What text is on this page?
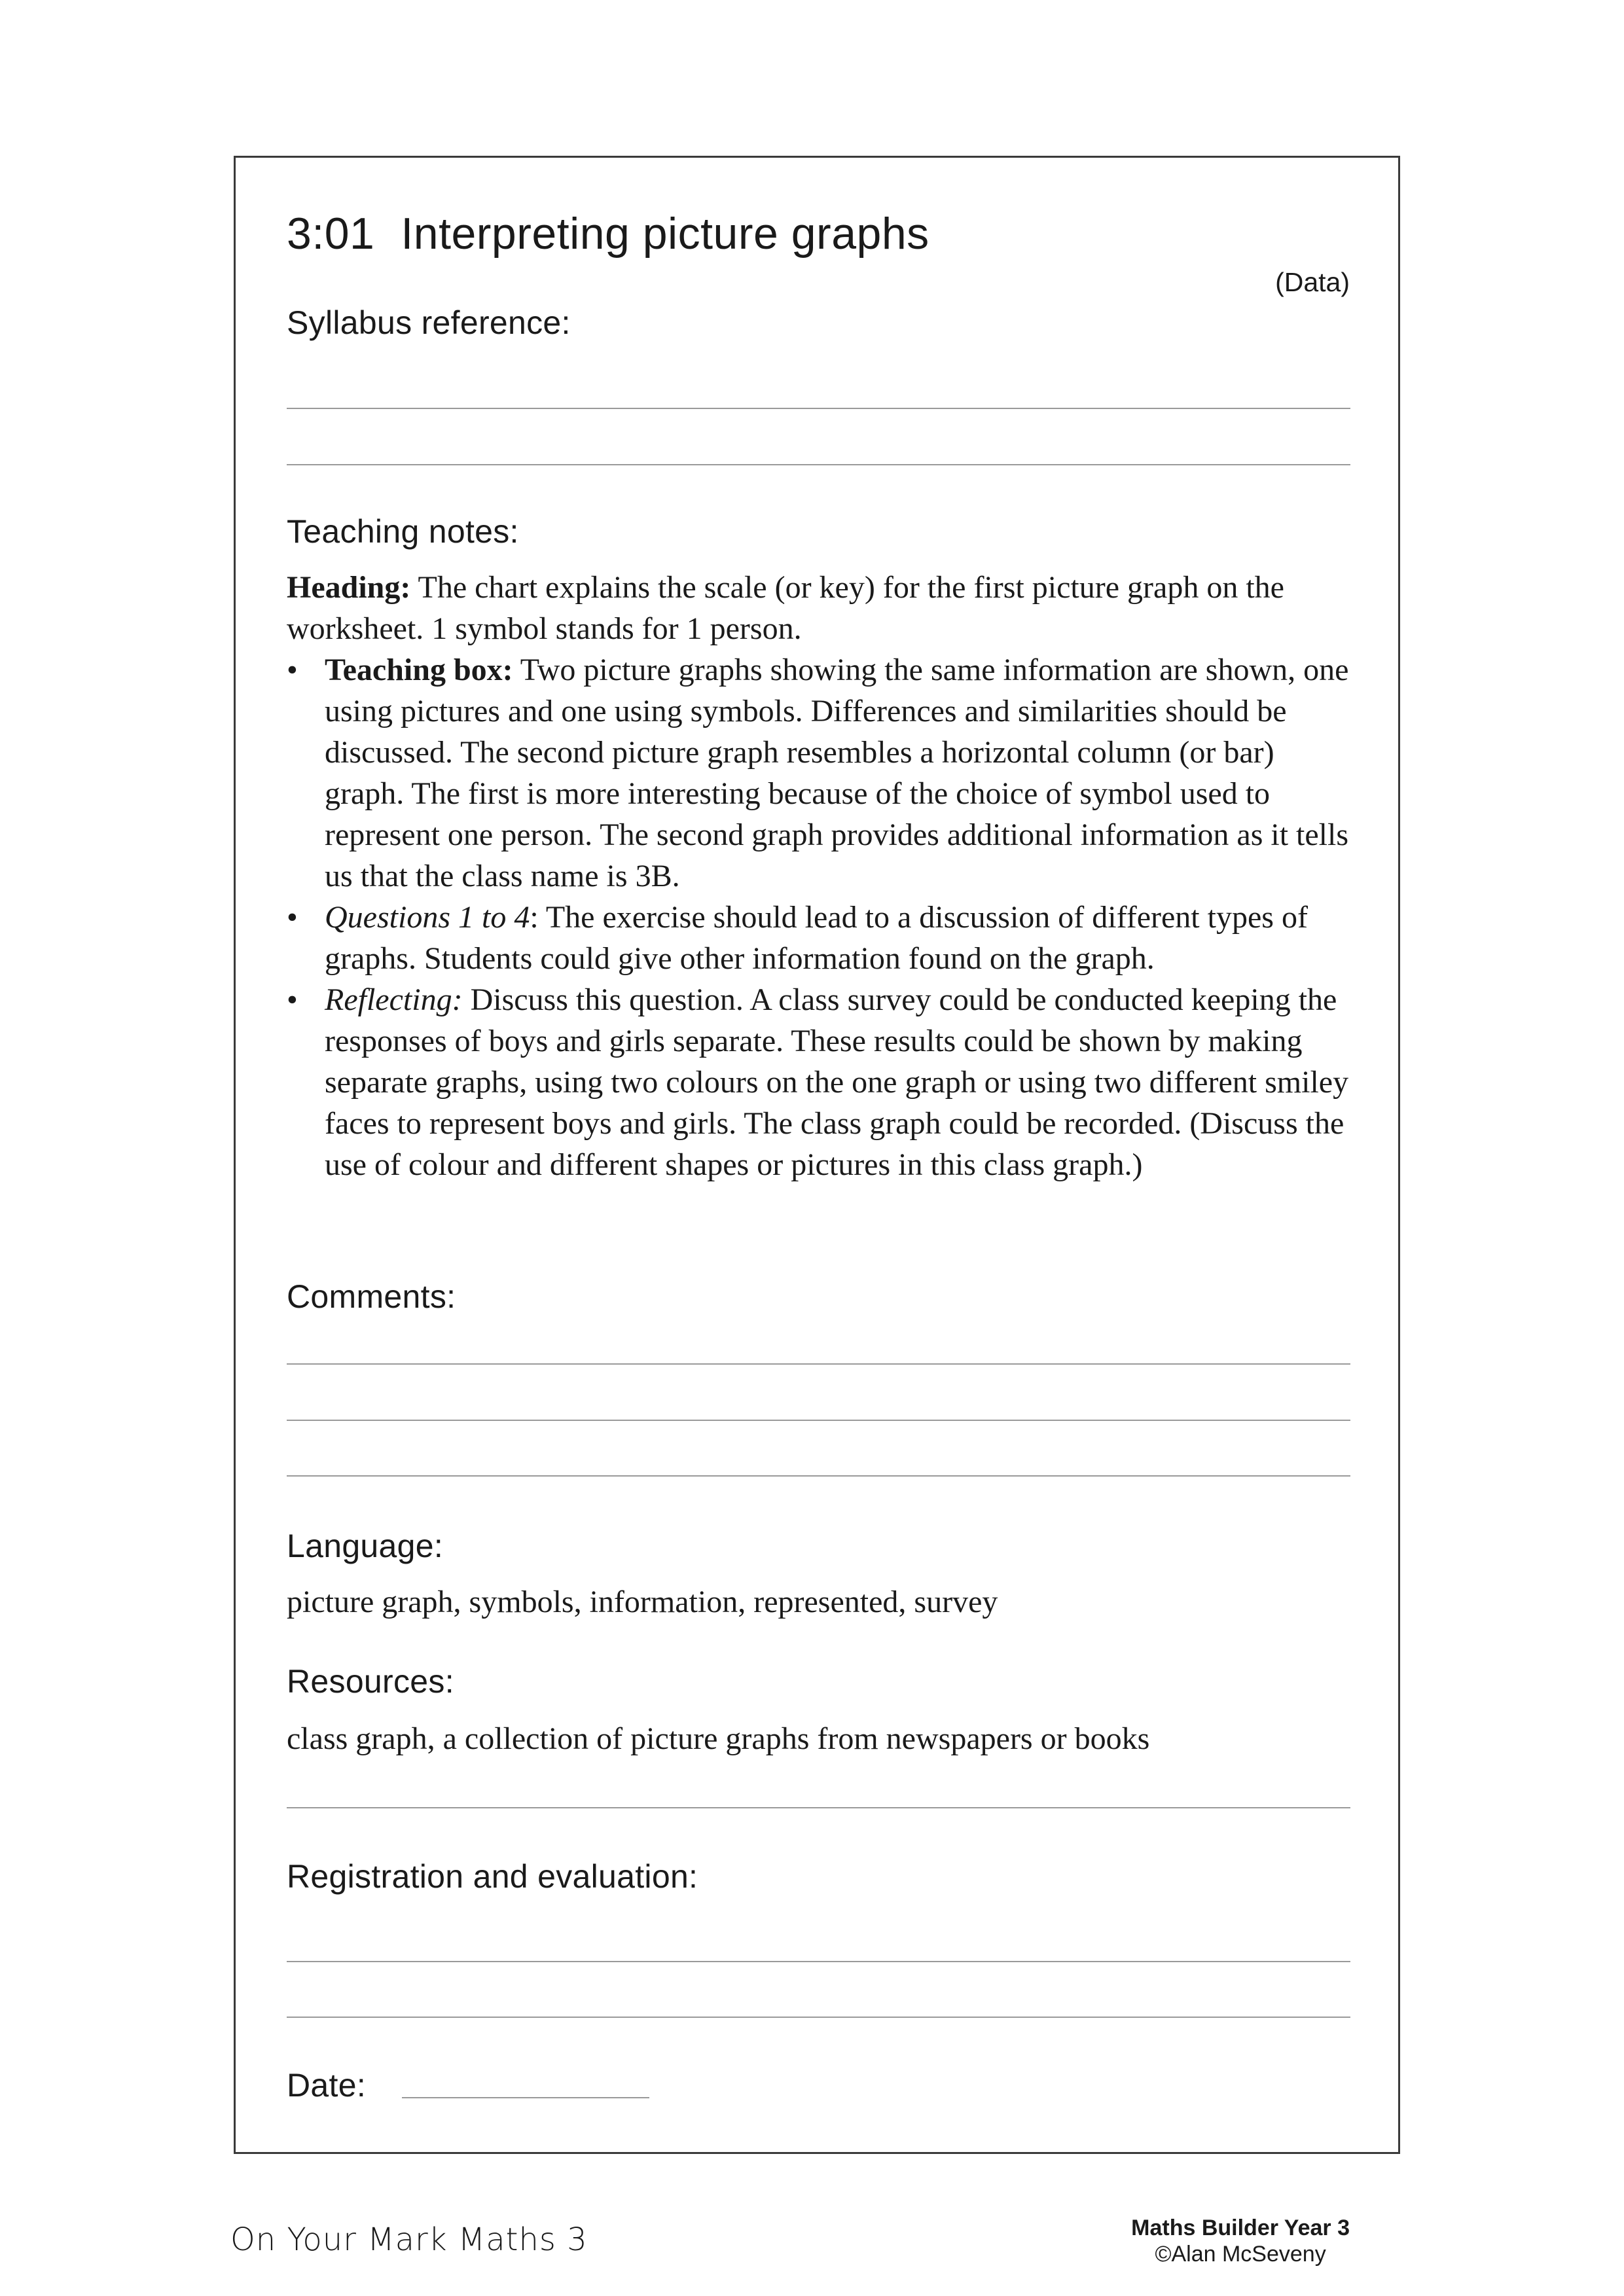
3:01 Interpreting picture graphs
(Data)
Syllabus reference:
Teaching notes:

Heading: The chart explains the scale (or key) for the first picture graph on the worksheet. 1 symbol stands for 1 person.

• Teaching box: Two picture graphs showing the same information are shown, one using pictures and one using symbols. Differences and similarities should be discussed. The second picture graph resembles a horizontal column (or bar) graph. The first is more interesting because of the choice of symbol used to represent one person. The second graph provides additional information as it tells us that the class name is 3B.
• Questions 1 to 4: The exercise should lead to a discussion of different types of graphs. Students could give other information found on the graph.
• Reflecting: Discuss this question. A class survey could be conducted keeping the responses of boys and girls separate. These results could be shown by making separate graphs, using two colours on the one graph or using two different smiley faces to represent boys and girls. The class graph could be recorded. (Discuss the use of colour and different shapes or pictures in this class graph.)
Comments:
Language:
picture graph, symbols, information, represented, survey
Resources:
class graph, a collection of picture graphs from newspapers or books
Registration and evaluation:
Date:
On Your Mark Maths 3	Maths Builder Year 3
©Alan McSeveny
